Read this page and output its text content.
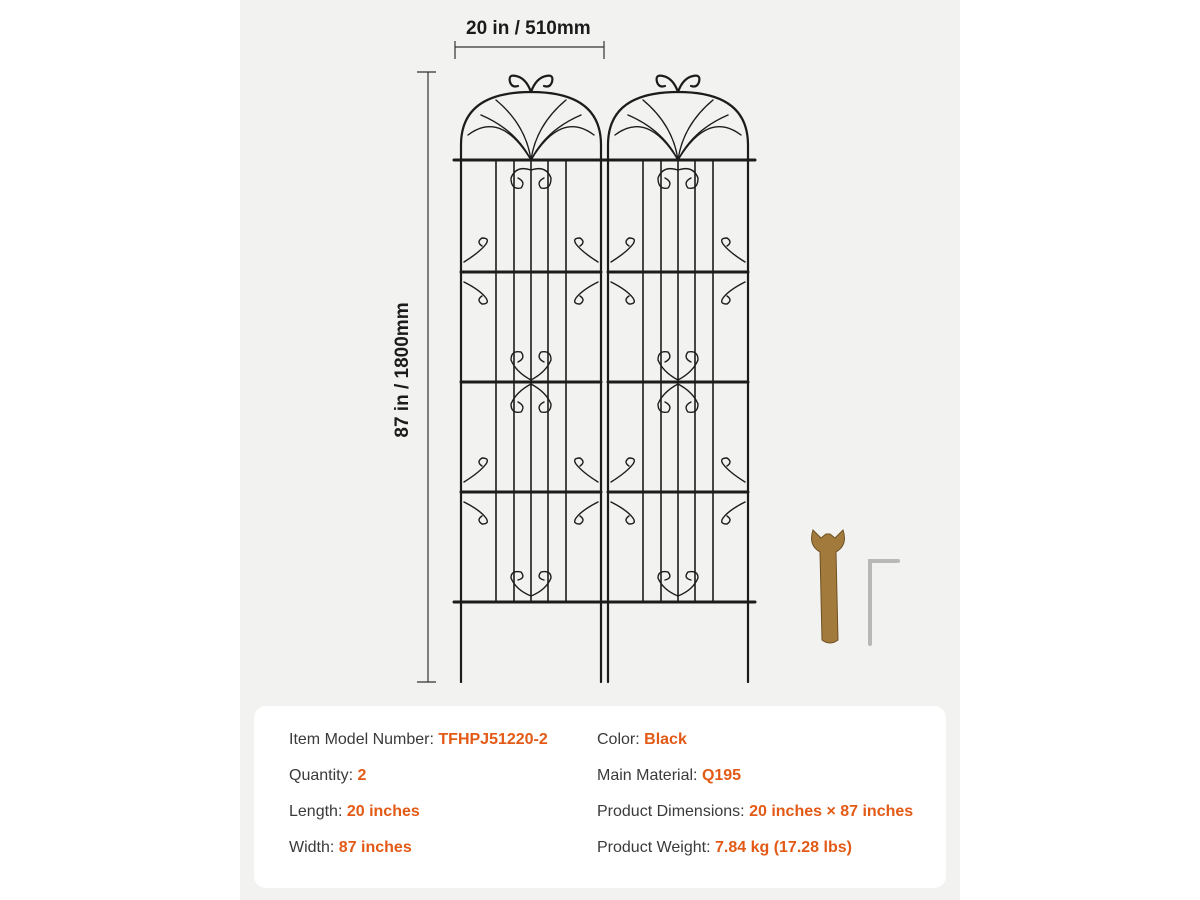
20 in / 510mm
87 in / 1800mm
Item Model Number: TFHPJ51220-2
Quantity: 2
Length: 20 inches
Width: 87 inches
Color: Black
Main Material: Q195
Product Dimensions: 20 inches × 87 inches
Product Weight: 7.84 kg (17.28 lbs)
